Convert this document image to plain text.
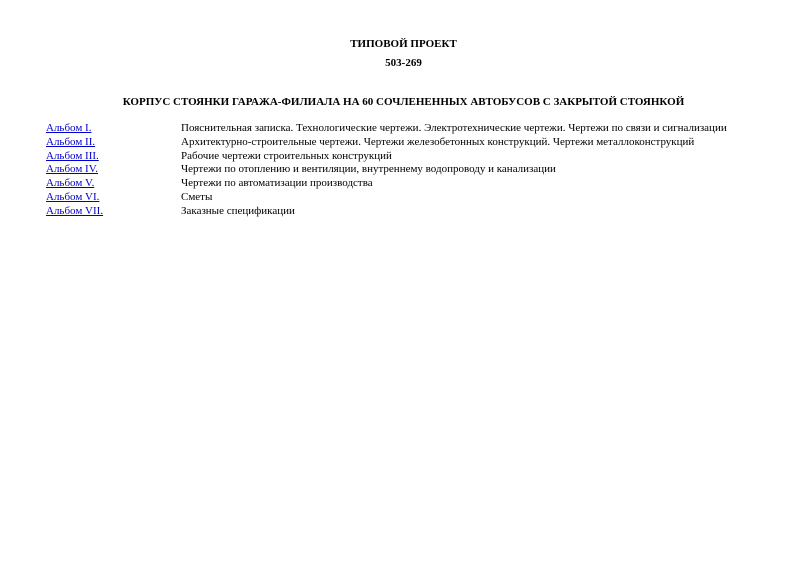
ТИПОВОЙ ПРОЕКТ
503-269
КОРПУС СТОЯНКИ ГАРАЖА-ФИЛИАЛА НА 60 СОЧЛЕНЕННЫХ АВТОБУСОВ С ЗАКРЫТОЙ СТОЯНКОЙ
Альбом I.	Пояснительная записка. Технологические чертежи. Электротехнические чертежи. Чертежи по связи и сигнализации
Альбом II.	Архитектурно-строительные чертежи. Чертежи железобетонных конструкций. Чертежи металлоконструкций
Альбом III.	Рабочие чертежи строительных конструкций
Альбом IV.	Чертежи по отоплению и вентиляции, внутреннему водопроводу и канализации
Альбом V.	Чертежи по автоматизации производства
Альбом VI.	Сметы
Альбом VII.	Заказные спецификации
